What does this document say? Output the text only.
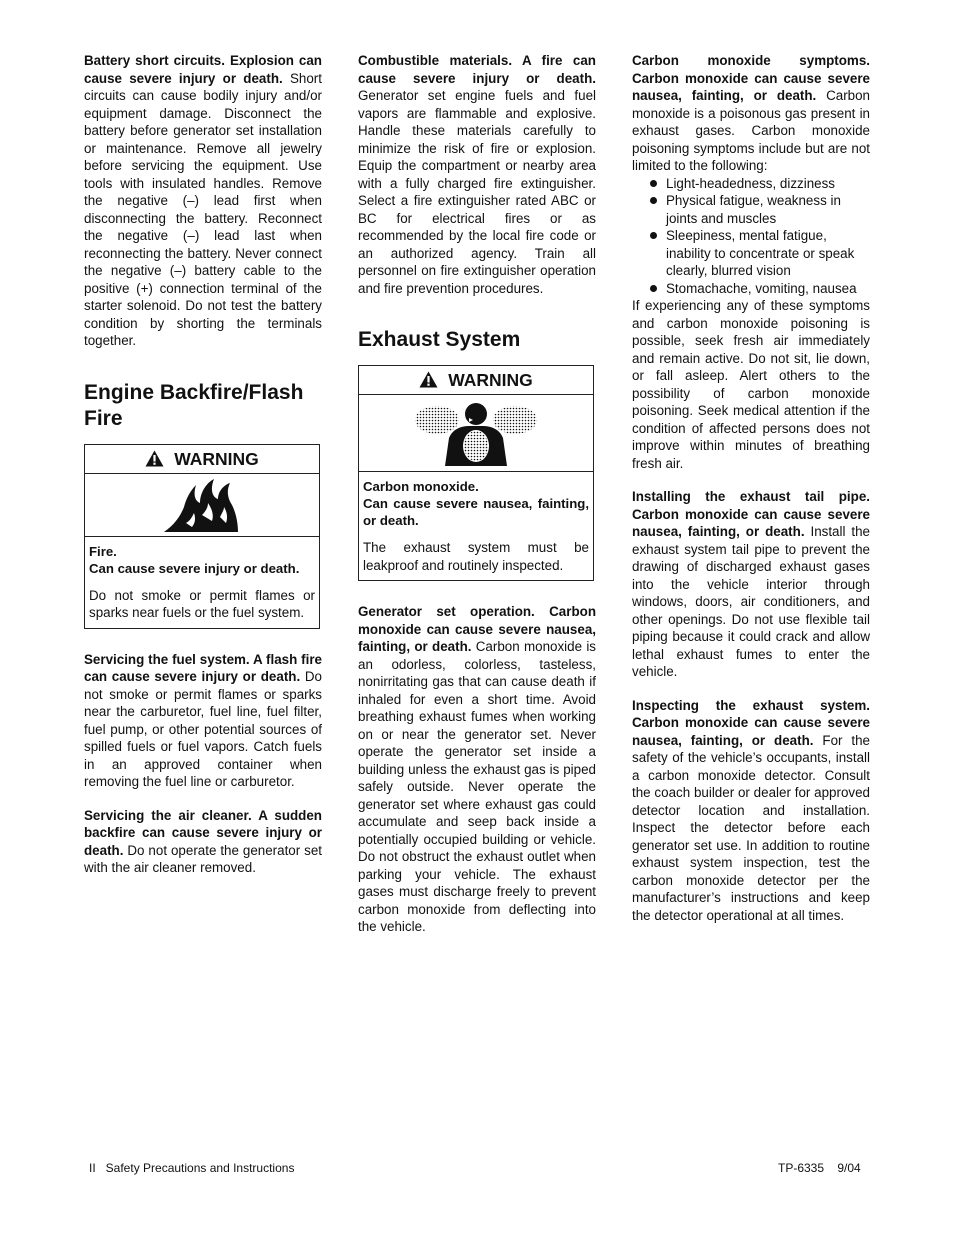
Battery short circuits. Explosion can cause severe injury or death. Short circuits can cause bodily injury and/or equipment damage. Disconnect the battery before generator set installation or maintenance. Remove all jewelry before servicing the equipment. Use tools with insulated handles. Remove the negative (–) lead first when disconnecting the battery. Reconnect the negative (–) lead last when reconnecting the battery. Never connect the negative (–) battery cable to the positive (+) connection terminal of the starter solenoid. Do not test the battery condition by shorting the terminals together.

Engine Backfire/Flash Fire
WARNING
Fire.
Can cause severe injury or death.
Do not smoke or permit flames or sparks near fuels or the fuel system.

Servicing the fuel system. A flash fire can cause severe injury or death. Do not smoke or permit flames or sparks near the carburetor, fuel line, fuel filter, fuel pump, or other potential sources of spilled fuels or fuel vapors. Catch fuels in an approved container when removing the fuel line or carburetor.

Servicing the air cleaner. A sudden backfire can cause severe injury or death. Do not operate the generator set with the air cleaner removed.

Combustible materials. A fire can cause severe injury or death. Generator set engine fuels and fuel vapors are flammable and explosive. Handle these materials carefully to minimize the risk of fire or explosion. Equip the compartment or nearby area with a fully charged fire extinguisher. Select a fire extinguisher rated ABC or BC for electrical fires or as recommended by the local fire code or an authorized agency. Train all personnel on fire extinguisher operation and fire prevention procedures.

Exhaust System
WARNING
Carbon monoxide.
Can cause severe nausea, fainting, or death.
The exhaust system must be leakproof and routinely inspected.

Generator set operation. Carbon monoxide can cause severe nausea, fainting, or death. Carbon monoxide is an odorless, colorless, tasteless, nonirritating gas that can cause death if inhaled for even a short time. Avoid breathing exhaust fumes when working on or near the generator set. Never operate the generator set inside a building unless the exhaust gas is piped safely outside. Never operate the generator set where exhaust gas could accumulate and seep back inside a potentially occupied building or vehicle. Do not obstruct the exhaust outlet when parking your vehicle. The exhaust gases must discharge freely to prevent carbon monoxide from deflecting into the vehicle.

Carbon monoxide symptoms. Carbon monoxide can cause severe nausea, fainting, or death. Carbon monoxide is a poisonous gas present in exhaust gases. Carbon monoxide poisoning symptoms include but are not limited to the following:

Light-headedness, dizziness
Physical fatigue, weakness in joints and muscles
Sleepiness, mental fatigue, inability to concentrate or speak clearly, blurred vision
Stomachache, vomiting, nausea

If experiencing any of these symptoms and carbon monoxide poisoning is possible, seek fresh air immediately and remain active. Do not sit, lie down, or fall asleep. Alert others to the possibility of carbon monoxide poisoning. Seek medical attention if the condition of affected persons does not improve within minutes of breathing fresh air.

Installing the exhaust tail pipe. Carbon monoxide can cause severe nausea, fainting, or death. Install the exhaust system tail pipe to prevent the drawing of discharged exhaust gases into the vehicle interior through windows, doors, air conditioners, and other openings. Do not use flexible tail piping because it could crack and allow lethal exhaust fumes to enter the vehicle.

Inspecting the exhaust system. Carbon monoxide can cause severe nausea, fainting, or death. For the safety of the vehicle’s occupants, install a carbon monoxide detector. Consult the coach builder or dealer for approved detector location and installation. Inspect the detector before each generator set use. In addition to routine exhaust system inspection, test the carbon monoxide detector per the manufacturer’s instructions and keep the detector operational at all times.

II   Safety Precautions and Instructions	TP-6335    9/04
